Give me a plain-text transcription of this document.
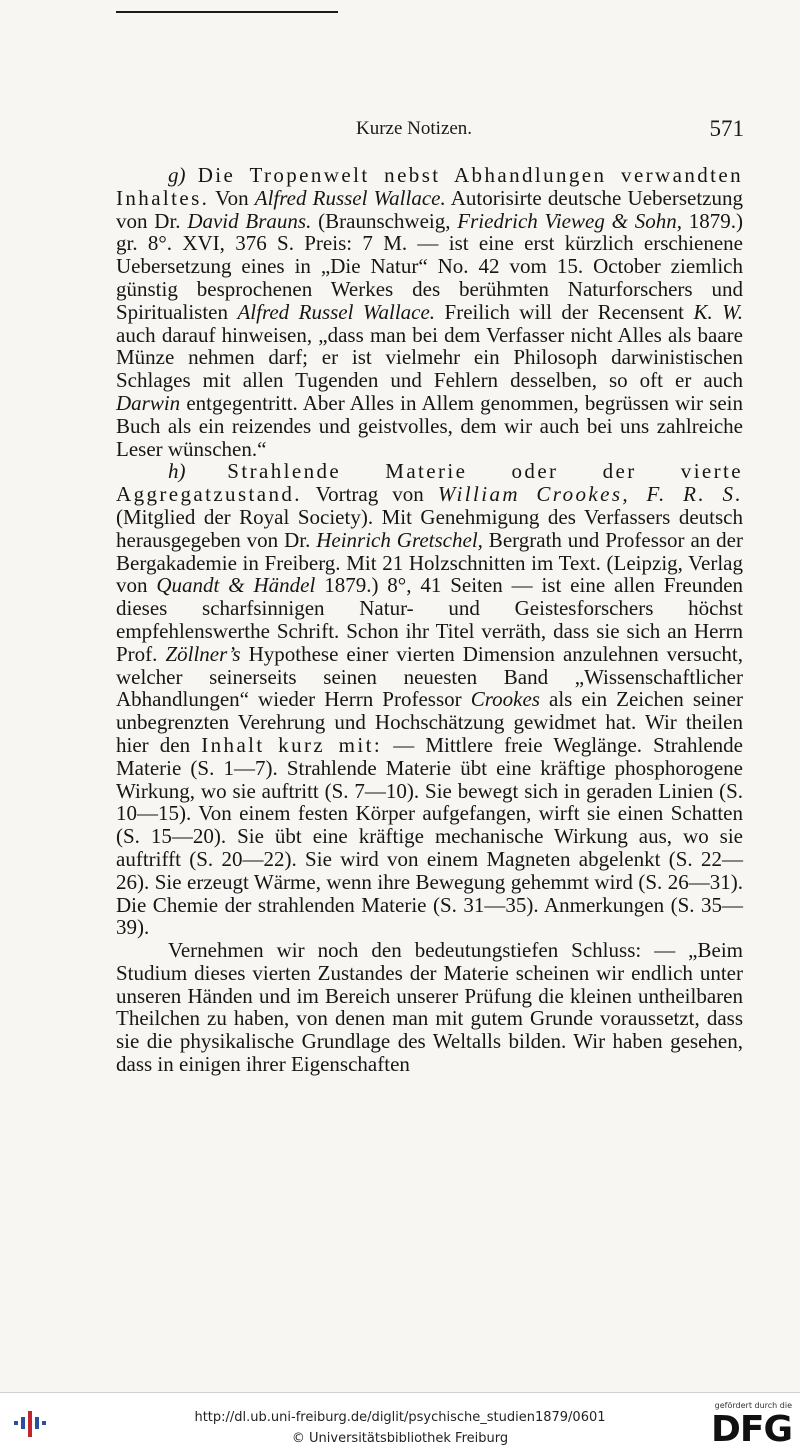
Kurze Notizen.	571

g) Die Tropenwelt nebst Abhandlungen verwandten Inhaltes. Von Alfred Russel Wallace. Autorisirte deutsche Uebersetzung von Dr. David Brauns. (Braunschweig, Friedrich Vieweg & Sohn, 1879.) gr. 8°. XVI, 376 S. Preis: 7 M. — ist eine erst kürzlich erschienene Uebersetzung eines in „Die Natur“ No. 42 vom 15. October ziemlich günstig besprochenen Werkes des berühmten Naturforschers und Spiritualisten Alfred Russel Wallace. Freilich will der Recensent K. W. auch darauf hinweisen, „dass man bei dem Verfasser nicht Alles als baare Münze nehmen darf; er ist vielmehr ein Philosoph darwinistischen Schlages mit allen Tugenden und Fehlern desselben, so oft er auch Darwin entgegentritt. Aber Alles in Allem genommen, begrüssen wir sein Buch als ein reizendes und geistvolles, dem wir auch bei uns zahlreiche Leser wünschen.“

h) Strahlende Materie oder der vierte Aggregatzustand. Vortrag von William Crookes, F. R. S. (Mitglied der Royal Society). Mit Genehmigung des Verfassers deutsch herausgegeben von Dr. Heinrich Gretschel, Bergrath und Professor an der Bergakademie in Freiberg. Mit 21 Holzschnitten im Text. (Leipzig, Verlag von Quandt & Händel 1879.) 8°, 41 Seiten — ist eine allen Freunden dieses scharfsinnigen Natur- und Geistesforschers höchst empfehlenswerthe Schrift. Schon ihr Titel verräth, dass sie sich an Herrn Prof. Zöllner’s Hypothese einer vierten Dimension anzulehnen versucht, welcher seinerseits seinen neuesten Band „Wissenschaftlicher Abhandlungen“ wieder Herrn Professor Crookes als ein Zeichen seiner unbegrenzten Verehrung und Hochschätzung gewidmet hat. Wir theilen hier den Inhalt kurz mit: — Mittlere freie Weglänge. Strahlende Materie (S. 1—7). Strahlende Materie übt eine kräftige phosphorogene Wirkung, wo sie auftritt (S. 7—10). Sie bewegt sich in geraden Linien (S. 10—15). Von einem festen Körper aufgefangen, wirft sie einen Schatten (S. 15—20). Sie übt eine kräftige mechanische Wirkung aus, wo sie auftrifft (S. 20—22). Sie wird von einem Magneten abgelenkt (S. 22—26). Sie erzeugt Wärme, wenn ihre Bewegung gehemmt wird (S. 26—31). Die Chemie der strahlenden Materie (S. 31—35). Anmerkungen (S. 35—39).

Vernehmen wir noch den bedeutungstiefen Schluss: — „Beim Studium dieses vierten Zustandes der Materie scheinen wir endlich unter unseren Händen und im Bereich unserer Prüfung die kleinen untheilbaren Theilchen zu haben, von denen man mit gutem Grunde voraussetzt, dass sie die physikalische Grundlage des Weltalls bilden. Wir haben gesehen, dass in einigen ihrer Eigenschaften

http://dl.ub.uni-freiburg.de/diglit/psychische_studien1879/0601
© Universitätsbibliothek Freiburg
gefördert durch die
DFG
